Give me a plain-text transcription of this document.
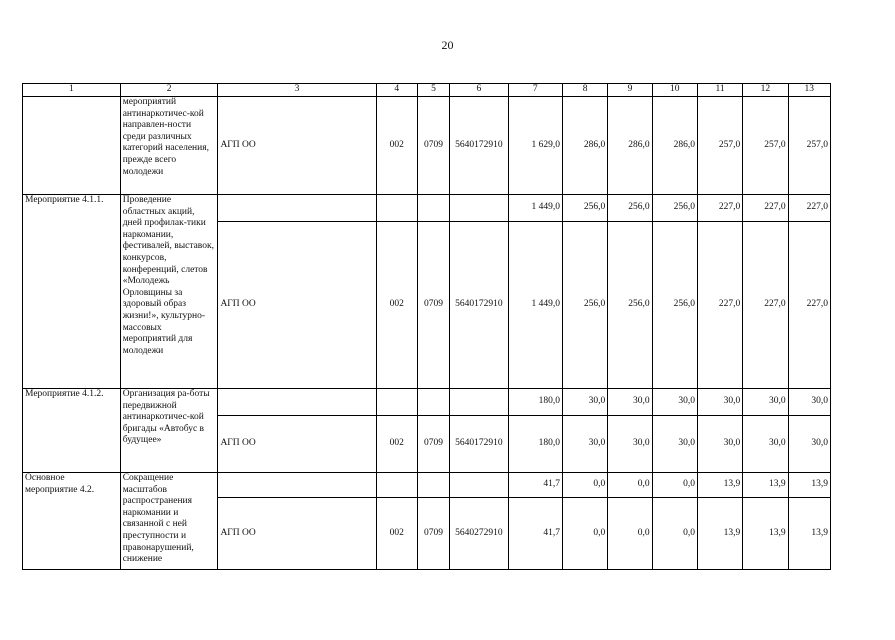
20
1	2	3	4	5	6	7	8	9	10	11	12	13
	мероприятий антинаркотичес-кой направлен-ности среди различных категорий населения, прежде всего молодежи	АГП ОО	002	0709	5640172910	1 629,0	286,0	286,0	286,0	257,0	257,0	257,0
Мероприятие 4.1.1.	Проведение областных акций, дней профилак-тики наркомании, фестивалей, выставок, конкурсов, конференций, слетов «Молодежь Орловщины за здоровый образ жизни!», культурно-массовых мероприятий для молодежи					1 449,0	256,0	256,0	256,0	227,0	227,0	227,0
		АГП ОО	002	0709	5640172910	1 449,0	256,0	256,0	256,0	227,0	227,0	227,0
Мероприятие 4.1.2.	Организация ра-боты передвижной антинаркотичес-кой бригады «Автобус в будущее»					180,0	30,0	30,0	30,0	30,0	30,0	30,0
		АГП ОО	002	0709	5640172910	180,0	30,0	30,0	30,0	30,0	30,0	30,0
Основное мероприятие 4.2.	Сокращение масштабов распространения наркомании и связанной с ней преступности и правонарушений, снижение					41,7	0,0	0,0	0,0	13,9	13,9	13,9
		АГП ОО	002	0709	5640272910	41,7	0,0	0,0	0,0	13,9	13,9	13,9
